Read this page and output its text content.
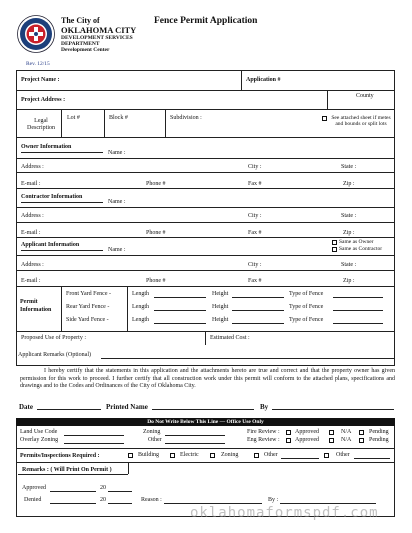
The City of
OKLAHOMA CITY
DEVELOPMENT SERVICES
DEPARTMENT
Development Center
Fence Permit Application
Rev. 12/15
Project Name :	Application #
Project Address :
County
Legal Description
Lot #	Block #	Subdivision :	See attached sheet if metes and bounds or split lots
Owner Information
Name :
Address :	City :	State :
E-mail :	Phone #	Fax #	Zip :
Contractor Information
Name :
Address :	City :	State :
E-mail :	Phone #	Fax #	Zip :
Applicant Information
Name :
Same as Owner
Same as Contractor
Address :	City :	State :
E-mail :	Phone #	Fax #	Zip :
Permit Information
Front Yard Fence -	Length	Height	Type of Fence
Rear Yard Fence -	Length	Height	Type of Fence
Side Yard Fence -	Length	Height	Type of Fence
Proposed Use of Property :	Estimated Cost :
Applicant Remarks (Optional)
I hereby certify that the statements in this application and the attachments hereto are true and correct and that the property owner has given permission for this work to proceed. I further certify that all construction work under this permit will conform to the attached plans, specifications and drawings and to the Codes and Ordinances of the City of Oklahoma City.
Date	Printed Name	By
Do Not Write Below This Line — Office Use Only
Land Use Code	Zoning
Overlay Zoning	Other
Fire Review :	Approved	N/A	Pending
Eng Review :	Approved	N/A	Pending
Permits/Inspections Required :	Building	Electric	Zoning	Other	Other
Remarks : ( Will Print On Permit )
Approved	20
Denied	20	Reason :	By :
oklahomaformspdf.com
